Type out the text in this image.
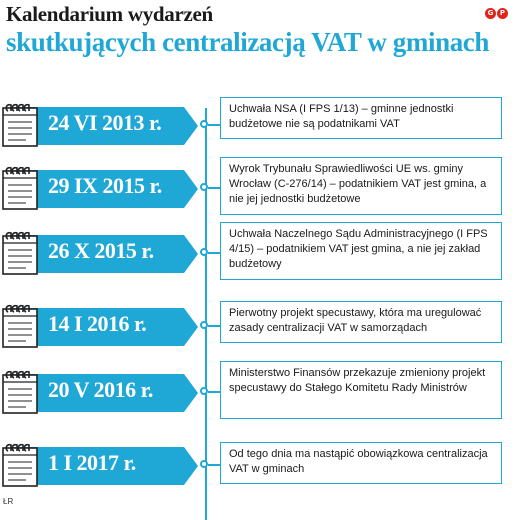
Kalendarium wydarzeń
skutkujących centralizacją VAT w gminach
G P
24 VI 2013 r.
Uchwała NSA (I FPS 1/13) – gminne jednostki budżetowe nie są podatnikami VAT
29 IX 2015 r.
Wyrok Trybunału Sprawiedliwości UE ws. gminy Wrocław (C-276/14) – podatnikiem VAT jest gmina, a nie jej jednostki budżetowe
26 X 2015 r.
Uchwała Naczelnego Sądu Administracyjnego (I FPS 4/15) – podatnikiem VAT jest gmina, a nie jej zakład budżetowy
14 I 2016 r.	Pierwotny projekt specustawy, która ma uregulować zasady centralizacji VAT w samorządach
20 V 2016 r.
Ministerstwo Finansów przekazuje zmieniony projekt specustawy do Stałego Komitetu Rady Ministrów
1 I 2017 r.	Od tego dnia ma nastąpić obowiązkowa centralizacja VAT w gminach
ŁR
